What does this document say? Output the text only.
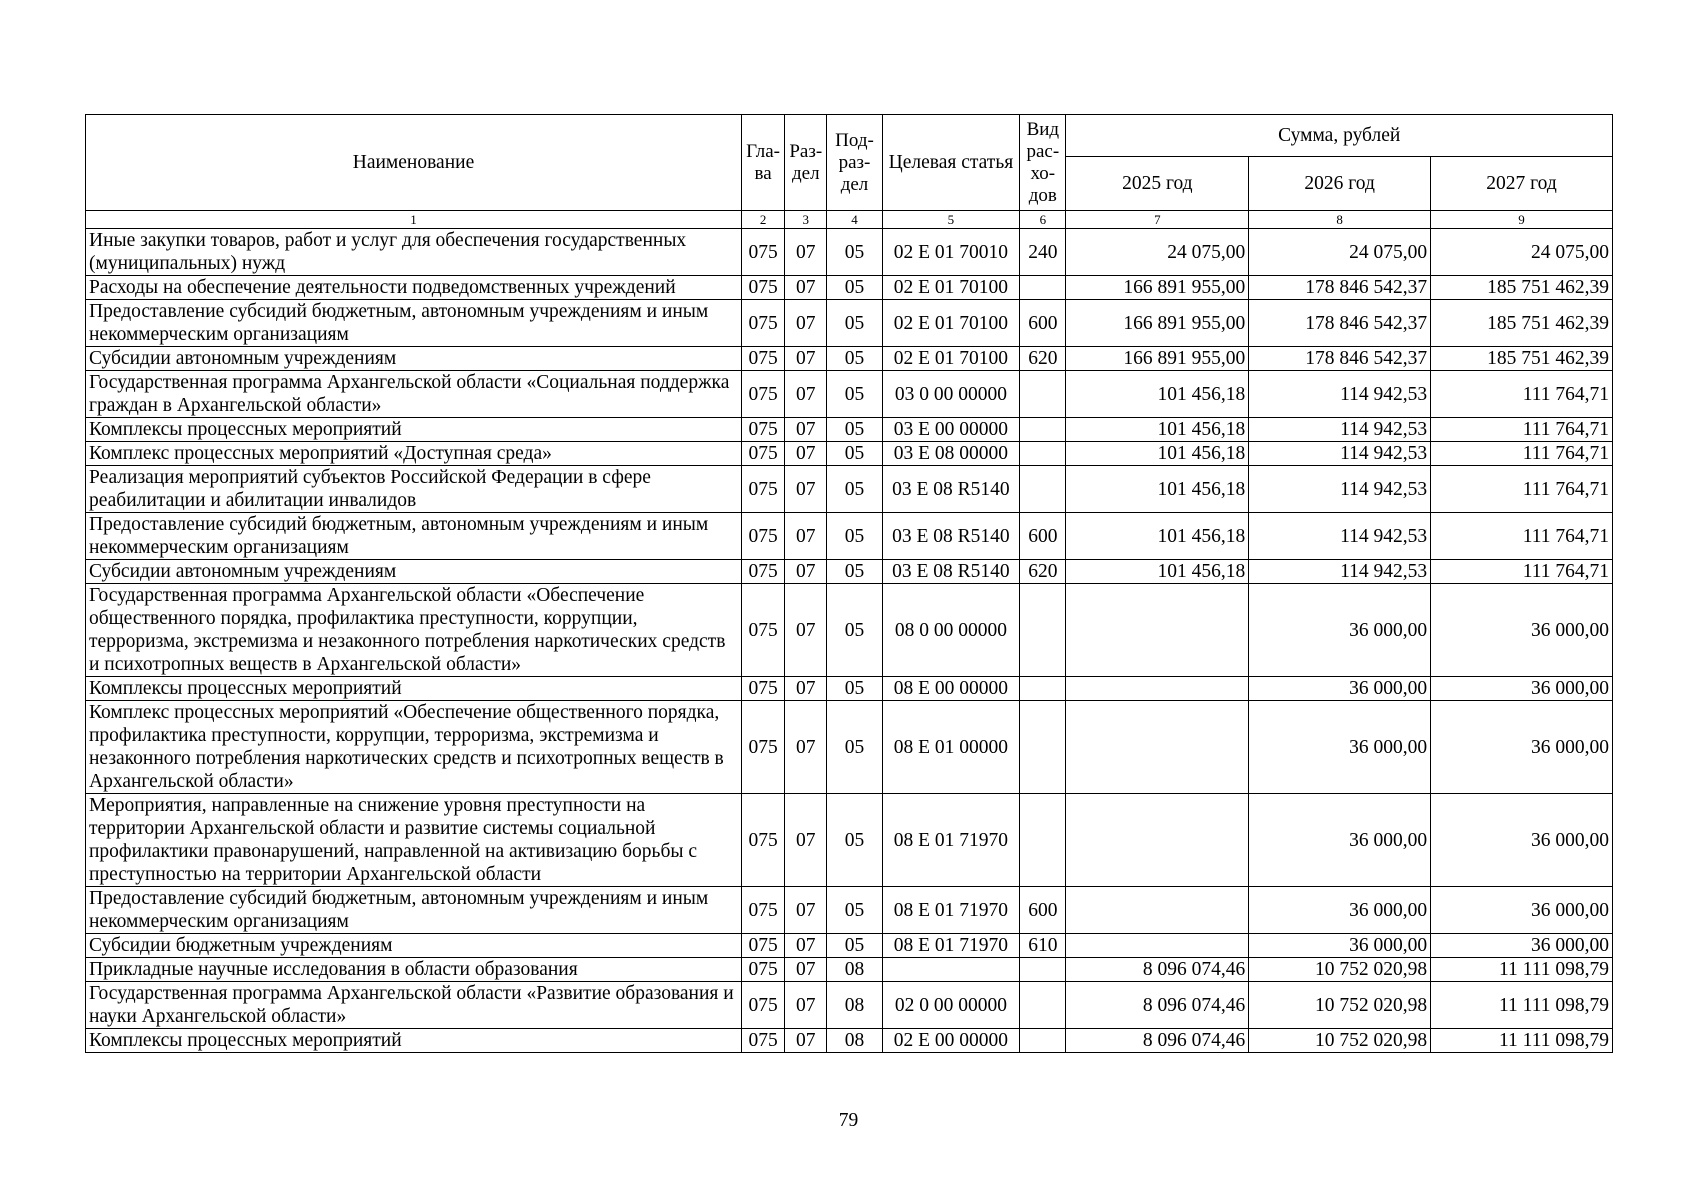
Наименование	Гла-ва	Раз-дел	Под-раз-дел	Целевая статья	Вид рас-хо-дов	Сумма, рублей		
						2025 год	2026 год	2027 год
1	2	3	4	5	6	7	8	9
Иные закупки товаров, работ и услуг для обеспечения государственных (муниципальных) нужд	075	07	05	02 Е 01 70010	240	24 075,00	24 075,00	24 075,00
Расходы на обеспечение деятельности подведомственных учреждений	075	07	05	02 Е 01 70100		166 891 955,00	178 846 542,37	185 751 462,39
Предоставление субсидий бюджетным, автономным учреждениям и иным некоммерческим организациям	075	07	05	02 Е 01 70100	600	166 891 955,00	178 846 542,37	185 751 462,39
Субсидии автономным учреждениям	075	07	05	02 Е 01 70100	620	166 891 955,00	178 846 542,37	185 751 462,39
Государственная программа Архангельской области «Социальная поддержка граждан в Архангельской области»	075	07	05	03 0 00 00000		101 456,18	114 942,53	111 764,71
Комплексы процессных мероприятий	075	07	05	03 Е 00 00000		101 456,18	114 942,53	111 764,71
Комплекс процессных мероприятий «Доступная среда»	075	07	05	03 Е 08 00000		101 456,18	114 942,53	111 764,71
Реализация мероприятий субъектов Российской Федерации в сфере реабилитации и абилитации инвалидов	075	07	05	03 Е 08 R5140		101 456,18	114 942,53	111 764,71
Предоставление субсидий бюджетным, автономным учреждениям и иным некоммерческим организациям	075	07	05	03 Е 08 R5140	600	101 456,18	114 942,53	111 764,71
Субсидии автономным учреждениям	075	07	05	03 Е 08 R5140	620	101 456,18	114 942,53	111 764,71
Государственная программа Архангельской области «Обеспечение общественного порядка, профилактика преступности, коррупции, терроризма, экстремизма и незаконного потребления наркотических средств и психотропных веществ в Архангельской области»	075	07	05	08 0 00 00000			36 000,00	36 000,00
Комплексы процессных мероприятий	075	07	05	08 Е 00 00000			36 000,00	36 000,00
Комплекс процессных мероприятий «Обеспечение общественного порядка, профилактика преступности, коррупции, терроризма, экстремизма и незаконного потребления наркотических средств и психотропных веществ в Архангельской области»	075	07	05	08 Е 01 00000			36 000,00	36 000,00
Мероприятия, направленные на снижение уровня преступности на территории Архангельской области и развитие системы социальной профилактики правонарушений, направленной на активизацию борьбы с преступностью на территории Архангельской области	075	07	05	08 Е 01 71970			36 000,00	36 000,00
Предоставление субсидий бюджетным, автономным учреждениям и иным некоммерческим организациям	075	07	05	08 Е 01 71970	600		36 000,00	36 000,00
Субсидии бюджетным учреждениям	075	07	05	08 Е 01 71970	610		36 000,00	36 000,00
Прикладные научные исследования в области образования	075	07	08			8 096 074,46	10 752 020,98	11 111 098,79
Государственная программа Архангельской области «Развитие образования и науки Архангельской области»	075	07	08	02 0 00 00000		8 096 074,46	10 752 020,98	11 111 098,79
Комплексы процессных мероприятий	075	07	08	02 Е 00 00000		8 096 074,46	10 752 020,98	11 111 098,79
79
